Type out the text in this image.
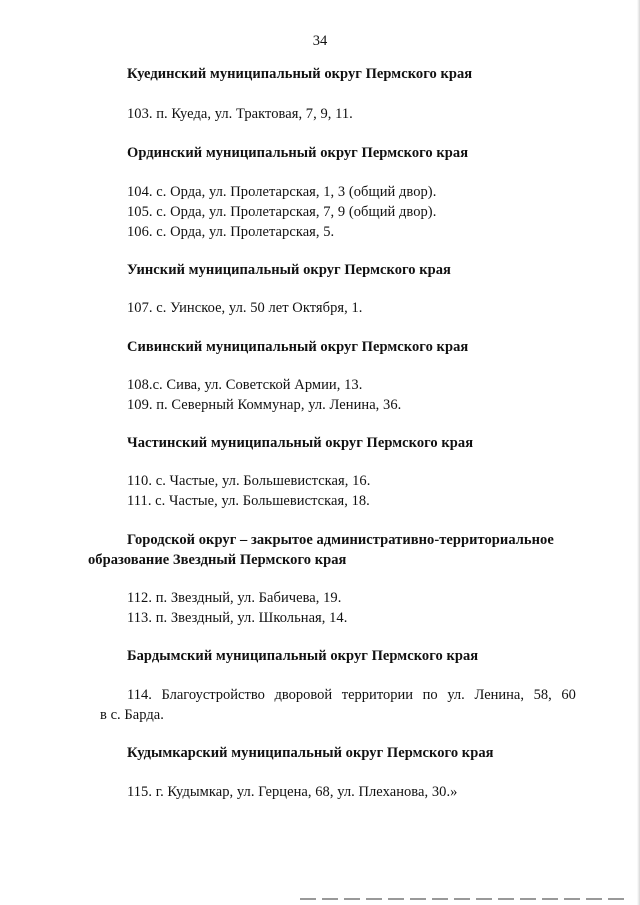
34
Куединский муниципальный округ Пермского края
103. п. Куеда, ул. Трактовая, 7, 9, 11.
Ординский муниципальный округ Пермского края
104. с. Орда, ул. Пролетарская, 1, 3 (общий двор).
105. с. Орда, ул. Пролетарская, 7, 9 (общий двор).
106. с. Орда, ул. Пролетарская, 5.
Уинский муниципальный округ Пермского края
107. с. Уинское, ул. 50 лет Октября, 1.
Сивинский муниципальный округ Пермского края
108.с. Сива, ул. Советской Армии, 13.
109. п. Северный Коммунар, ул. Ленина, 36.
Частинский муниципальный округ Пермского края
110. с. Частые, ул. Большевистская, 16.
111. с. Частые, ул. Большевистская, 18.
Городской округ – закрытое административно-территориальное
образование Звездный Пермского края
112. п. Звездный, ул. Бабичева, 19.
113. п. Звездный, ул. Школьная, 14.
Бардымский муниципальный округ Пермского края
114. Благоустройство дворовой территории по ул. Ленина, 58, 60
в с. Барда.
Кудымкарский муниципальный округ Пермского края
115. г. Кудымкар, ул. Герцена, 68, ул. Плеханова, 30.»
